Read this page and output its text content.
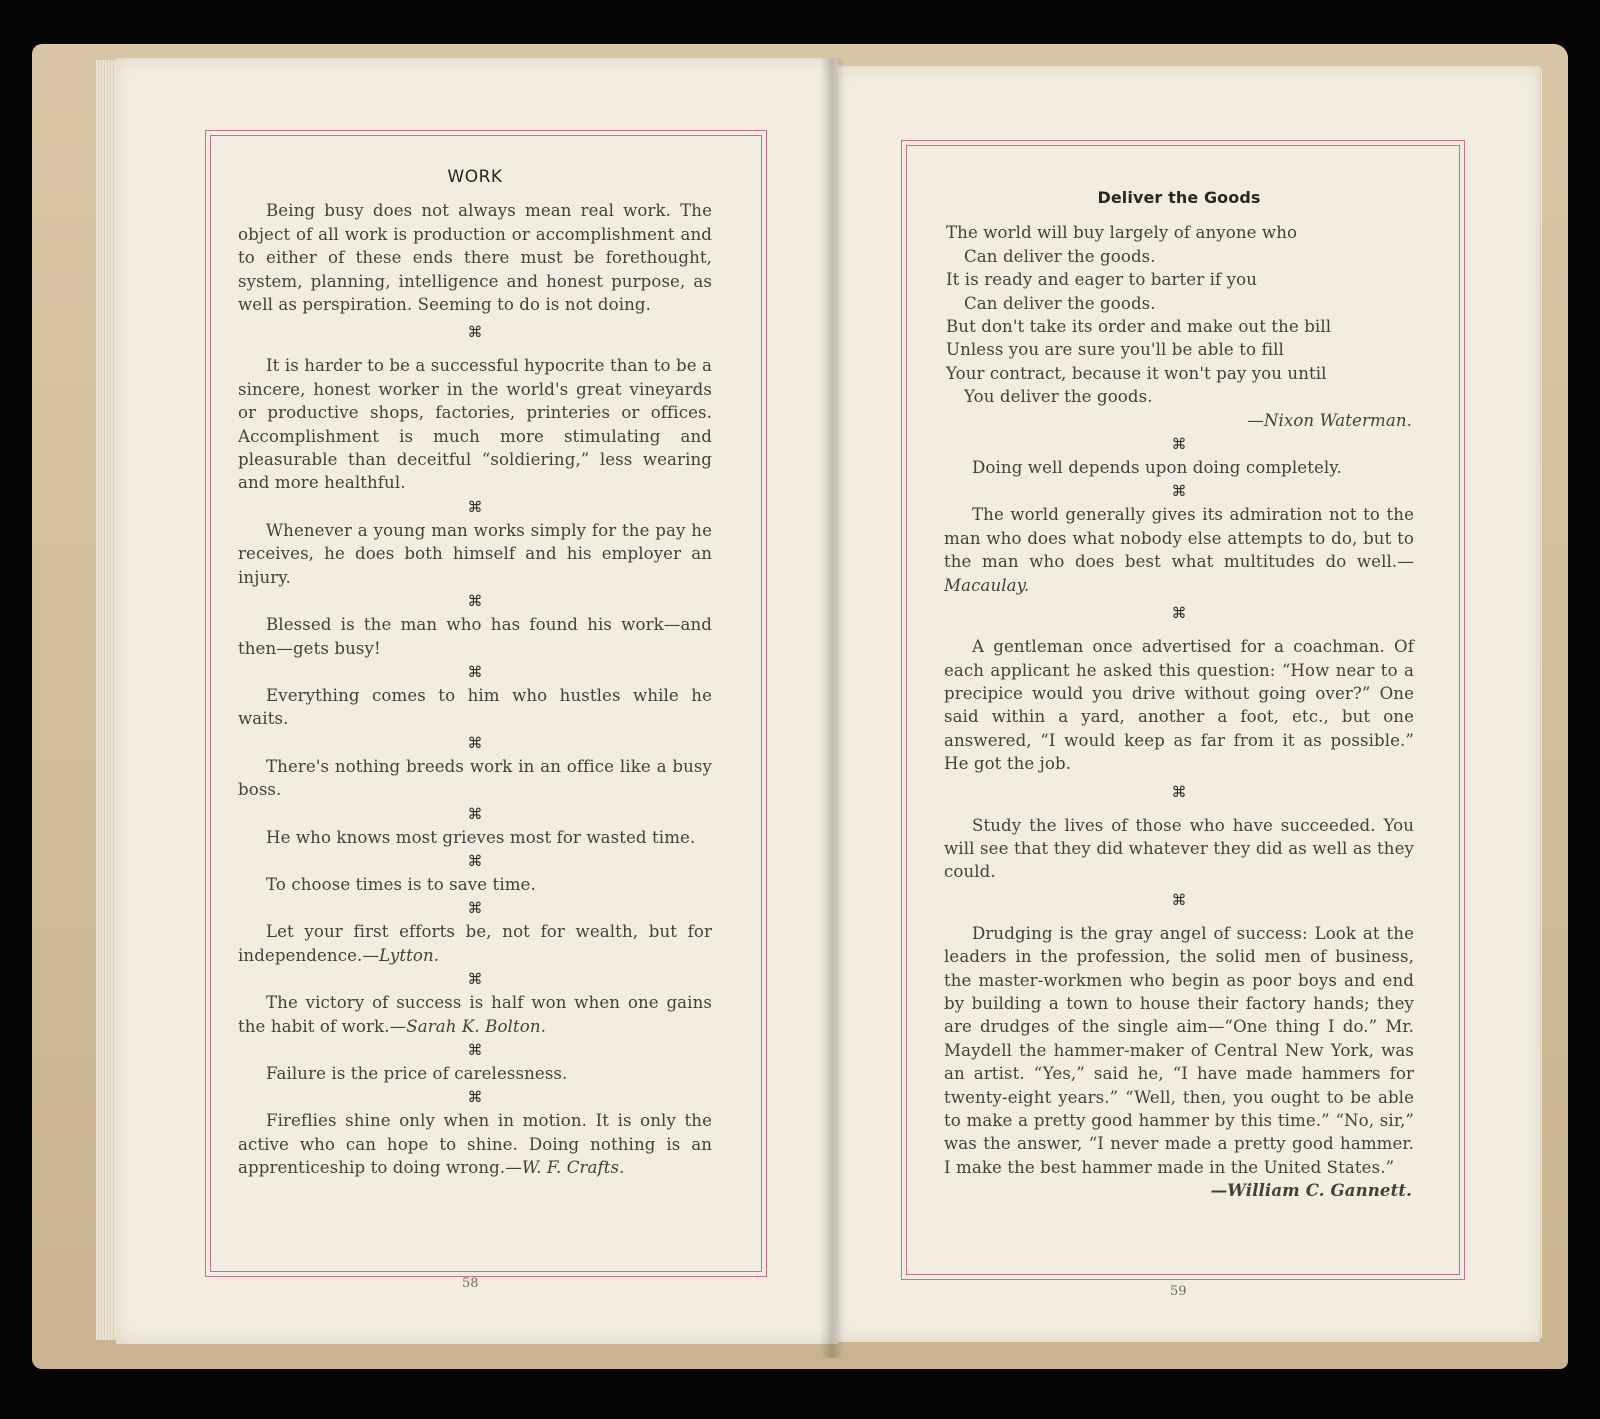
WORK

Being busy does not always mean real work. The object of all work is production or accomplishment and to either of these ends there must be forethought, system, planning, intelligence and honest purpose, as well as perspiration. Seeming to do is not doing.

⌘

It is harder to be a successful hypocrite than to be a sincere, honest worker in the world's great vineyards or productive shops, factories, printeries or offices. Accomplishment is much more stimulating and pleasurable than deceitful “soldiering,” less wearing and more healthful.

⌘

Whenever a young man works simply for the pay he receives, he does both himself and his employer an injury.

⌘

Blessed is the man who has found his work—and then—gets busy!

⌘

Everything comes to him who hustles while he waits.

⌘

There's nothing breeds work in an office like a busy boss.

⌘

He who knows most grieves most for wasted time.

⌘

To choose times is to save time.

⌘

Let your first efforts be, not for wealth, but for independence.—Lytton.

⌘

The victory of success is half won when one gains the habit of work.—Sarah K. Bolton.

⌘

Failure is the price of carelessness.

⌘

Fireflies shine only when in motion. It is only the active who can hope to shine. Doing nothing is an apprenticeship to doing wrong.—W. F. Crafts.

58
Deliver the Goods
The world will buy largely of anyone who
Can deliver the goods.
It is ready and eager to barter if you
Can deliver the goods.
But don't take its order and make out the bill
Unless you are sure you'll be able to fill
Your contract, because it won't pay you until
You deliver the goods.
—Nixon Waterman.
⌘

Doing well depends upon doing completely.

⌘

The world generally gives its admiration not to the man who does what nobody else attempts to do, but to the man who does best what multitudes do well.—Macaulay.

⌘

A gentleman once advertised for a coachman. Of each applicant he asked this question: “How near to a precipice would you drive without going over?” One said within a yard, another a foot, etc., but one answered, “I would keep as far from it as possible.” He got the job.

⌘

Study the lives of those who have succeeded. You will see that they did whatever they did as well as they could.

⌘

Drudging is the gray angel of success: Look at the leaders in the profession, the solid men of business, the master-workmen who begin as poor boys and end by building a town to house their factory hands; they are drudges of the single aim—“One thing I do.” Mr. Maydell the hammer-maker of Central New York, was an artist. “Yes,” said he, “I have made hammers for twenty-eight years.” “Well, then, you ought to be able to make a pretty good hammer by this time.” “No, sir,” was the answer, “I never made a pretty good hammer. I make the best hammer made in the United States.”

—William C. Gannett.
59
